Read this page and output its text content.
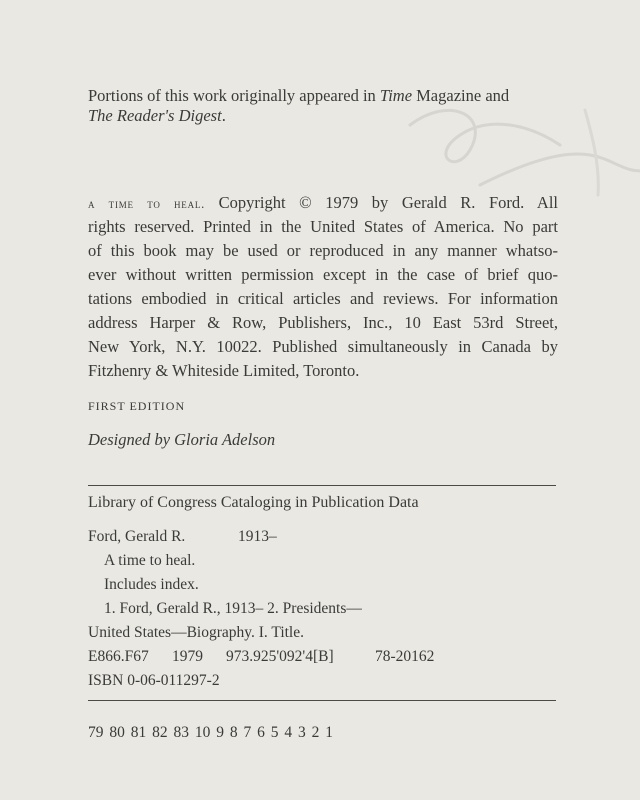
Portions of this work originally appeared in Time Magazine and
The Reader's Digest.
a time to heal. Copyright © 1979 by Gerald R. Ford. All
rights reserved. Printed in the United States of America. No part
of this book may be used or reproduced in any manner whatso-
ever without written permission except in the case of brief quo-
tations embodied in critical articles and reviews. For information
address Harper & Row, Publishers, Inc., 10 East 53rd Street,
New York, N.Y. 10022. Published simultaneously in Canada by
Fitzhenry & Whiteside Limited, Toronto.
FIRST EDITION
Designed by Gloria Adelson
Library of Congress Cataloging in Publication Data
Ford, Gerald R.	1913–
A time to heal.
Includes index.
1. Ford, Gerald R., 1913– 2. Presidents—
United States—Biography. I. Title.
E866.F67 1979 973.925'092'4[B]	78-20162
ISBN 0-06-011297-2
79 80 81 82 83 10 9 8 7 6 5 4 3 2 1
